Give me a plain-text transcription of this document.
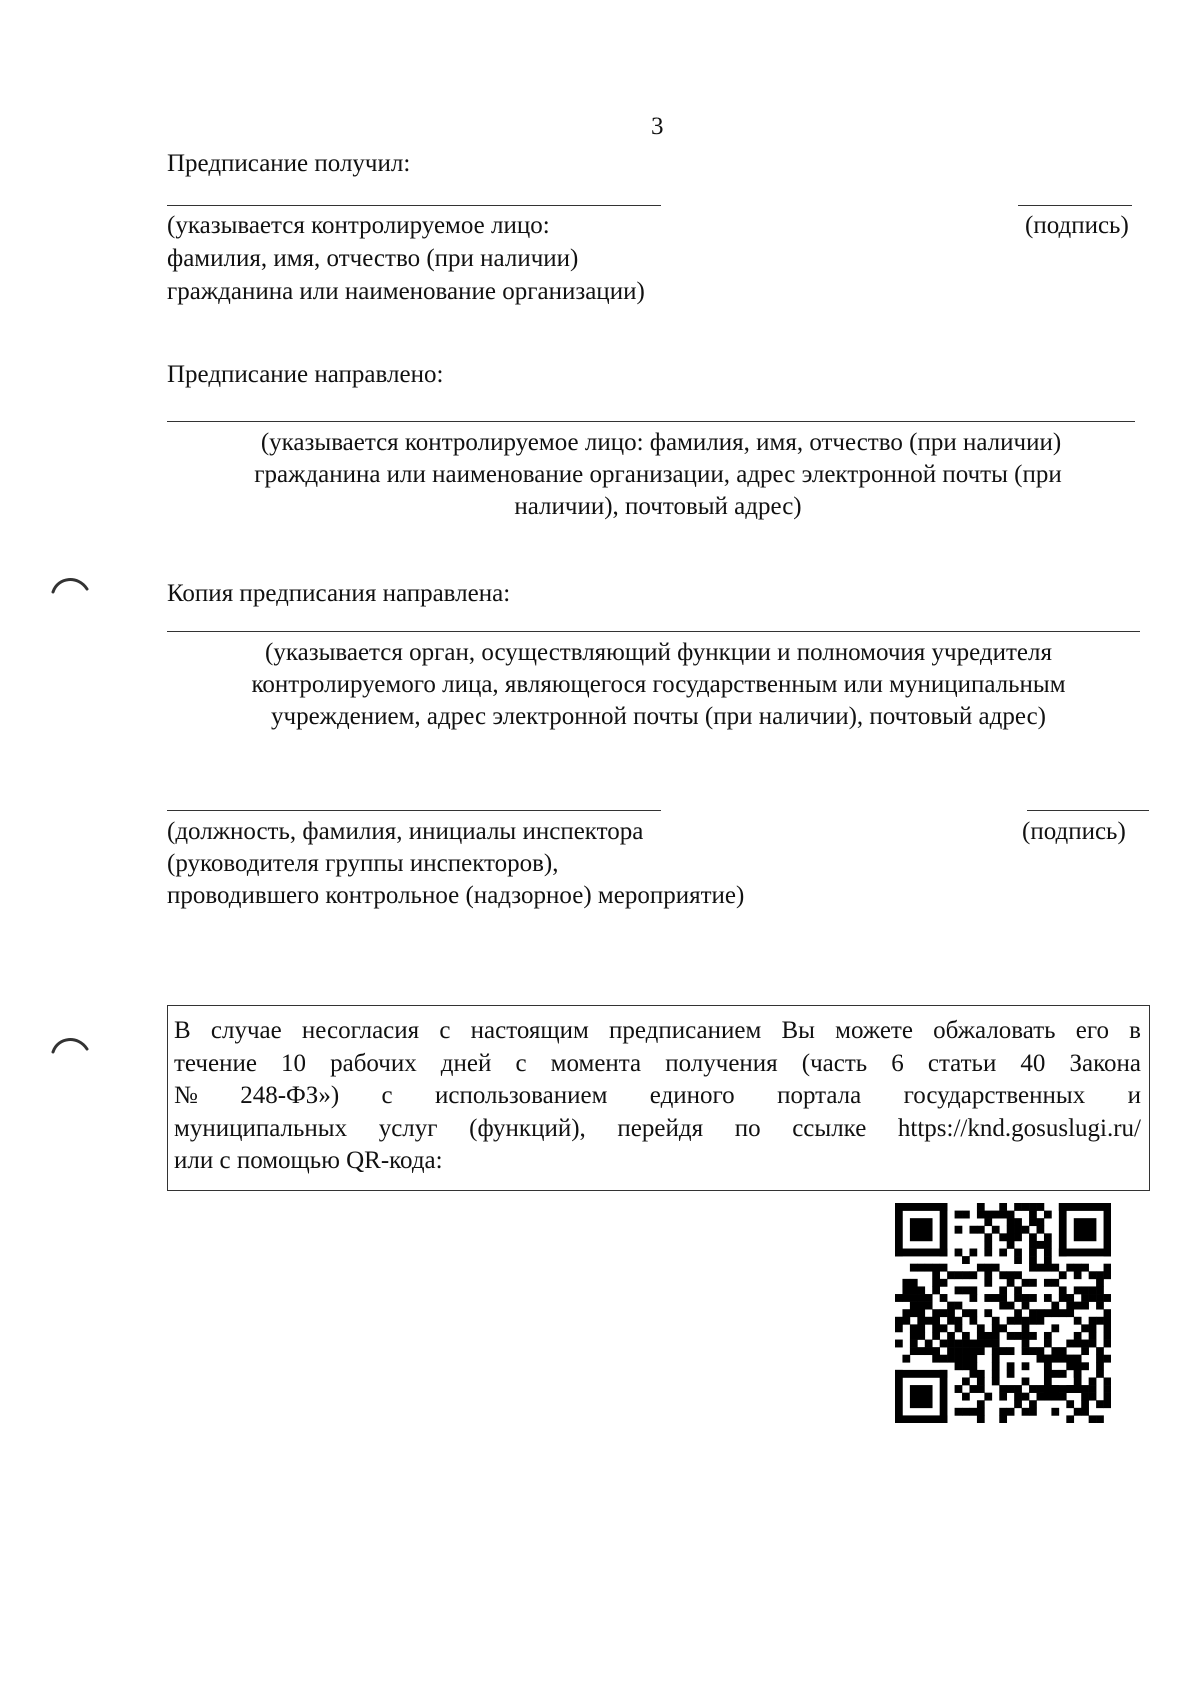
3
Предписание получил:
(указывается контролируемое лицо:
фамилия, имя, отчество (при наличии)
гражданина или наименование организации)
(подпись)
Предписание направлено:
(указывается контролируемое лицо: фамилия, имя, отчество (при наличии)
гражданина или наименование организации, адрес электронной почты (при
наличии), почтовый адрес)
Копия предписания направлена:
(указывается орган, осуществляющий функции и полномочия учредителя
контролируемого лица, являющегося государственным или муниципальным
учреждением, адрес электронной почты (при наличии), почтовый адрес)
(должность, фамилия, инициалы инспектора
(руководителя группы инспекторов),
проводившего контрольное (надзорное) мероприятие)
(подпись)
В случае несогласия с настоящим предписанием Вы можете обжаловать его в
течение 10 рабочих дней с момента получения (часть 6 статьи 40 Закона
№ 248-ФЗ») с использованием единого портала государственных и
муниципальных услуг (функций), перейдя по ссылке https://knd.gosuslugi.ru/
или с помощью QR-кода:
